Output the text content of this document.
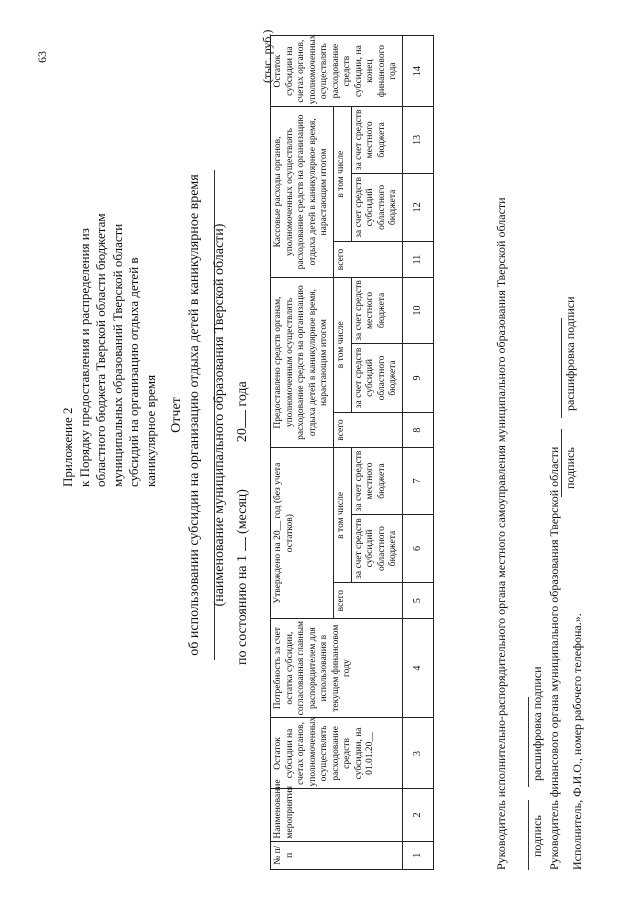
63
Приложение 2 к Порядку предоставления и распределения из областного бюджета Тверской области бюджетам муниципальных образований Тверской области субсидий на организацию отдыха детей в каникулярное время Отчет об использовании субсидии на организацию отдыха детей в каникулярное время (наименование муниципального образования Тверской области)
по состоянию на 1  (месяц)  20 года
(тыс. руб.)
№ п/п	Наименование мероприятия	Остаток субсидии на счетах органов, уполномоченных осуществлять расходование средств субсидии, на 01.01.20__	Потребность за счет остатка субсидии, согласованная главным распорядителем для использования в текущем финансовом году	Утверждено на 20__ год (без учета остатков)			Предоставлено средств органам, уполномоченным осуществлять расходование средств на организацию отдыха детей в каникулярное время, нарастающим итогом			Кассовые расходы органов, уполномоченных осуществлять расходование средств на организацию отдыха детей в каникулярное время, нарастающим итогом			Остаток субсидии на счетах органов, уполномоченных осуществлять расходование средств субсидии, на конец финансового года
				всего	в том числе		всего	в том числе		всего	в том числе		
					за счет средств субсидий областного бюджета	за счет средств местного бюджета		за счет средств субсидий областного бюджета	за счет средств местного бюджета		за счет средств субсидий областного бюджета	за счет средств местного бюджета	
1	2	3	4	5	6	7	8	9	10	11	12	13	14
Руководитель исполнительно-распорядительного органа местного самоуправления муниципального образования Тверской области подпись
расшифровка подписи Руководитель финансового органа муниципального образования Тверской области подпись
расшифровка подписи
Исполнитель, Ф.И.О., номер рабочего телефона.».
